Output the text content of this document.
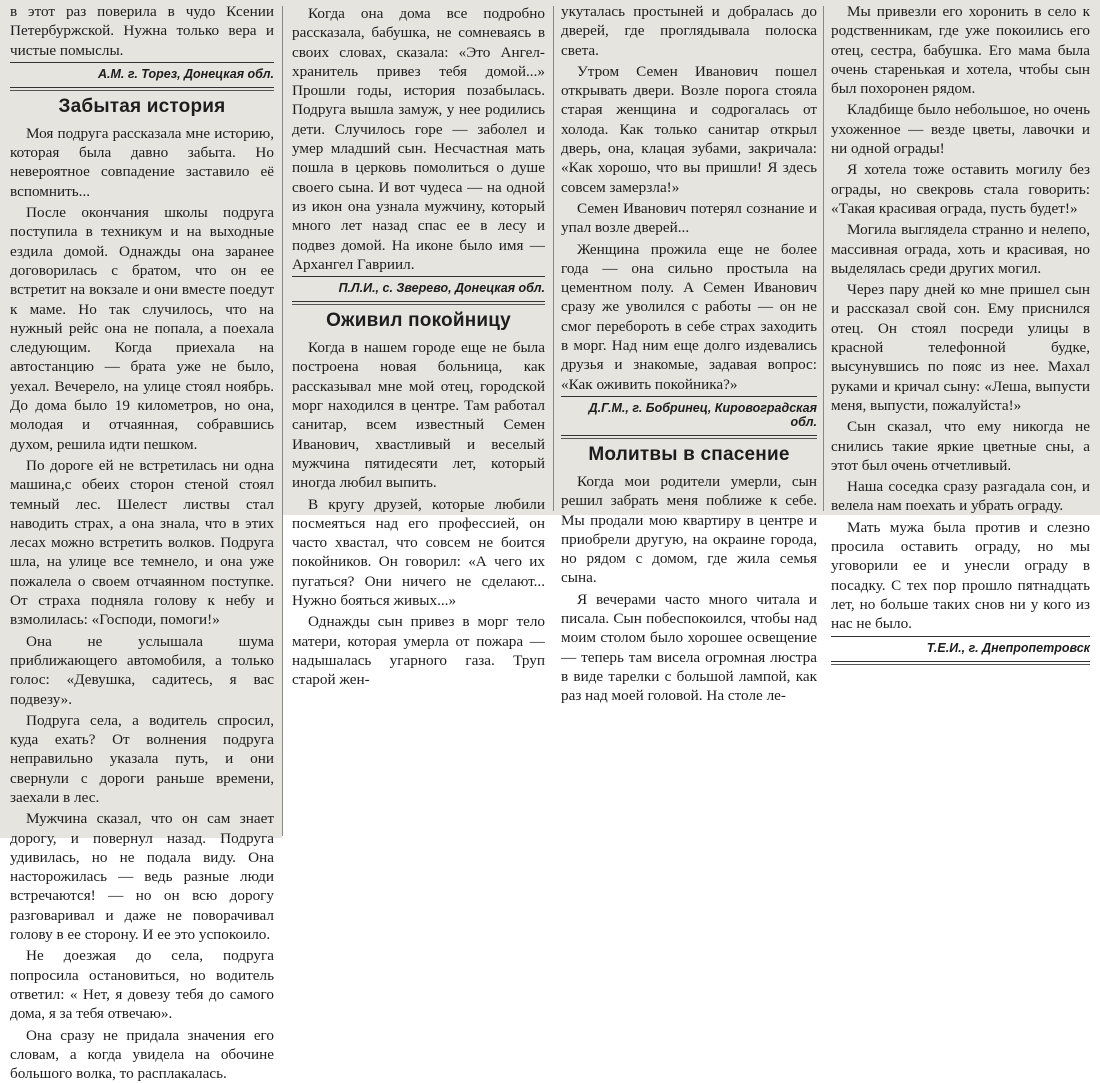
в этот раз поверила в чудо Ксении Петербуржской. Нужна только вера и чистые помыслы.

А.М. г. Торез, Донецкая обл.
Забытая история

Моя подруга рассказала мне историю, которая была давно забыта. Но невероятное совпадение заставило её вспомнить...

После окончания школы подруга поступила в техникум и на выходные ездила домой. Однажды она заранее договорилась с братом, что он ее встретит на вокзале и они вместе поедут к маме. Но так случилось, что на нужный рейс она не попала, а поехала следующим. Когда приехала на автостанцию — брата уже не было, уехал. Вечерело, на улице стоял ноябрь. До дома было 19 километров, но она, молодая и отчаянная, собравшись духом, решила идти пешком.

По дороге ей не встретилась ни одна машина,с обеих сторон стеной стоял темный лес. Шелест листвы стал наводить страх, а она знала, что в этих лесах можно встретить волков. Подруга шла, на улице все темнело, и она уже пожалела о своем отчаянном поступке. От страха подняла голову к небу и взмолилась: «Господи, помоги!»

Она не услышала шума приближающего автомобиля, а только голос: «Девушка, садитесь, я вас подвезу».

Подруга села, а водитель спросил, куда ехать? От волнения подруга неправильно указала путь, и они свернули с дороги раньше времени, заехали в лес.

Мужчина сказал, что он сам знает дорогу, и повернул назад. Подруга удивилась, но не подала виду. Она насторожилась — ведь разные люди встречаются! — но он всю дорогу разговаривал и даже не поворачивал голову в ее сторону. И ее это успокоило.

Не доезжая до села, подруга попросила остановиться, но водитель ответил: « Нет, я довезу тебя до самого дома, я за тебя отвечаю».

Она сразу не придала значения его словам, а когда увидела на обочине большого волка, то расплакалась.

Когда она дома все подробно рассказала, бабушка, не сомневаясь в своих словах, сказала: «Это Ангел-хранитель привез тебя домой...» Прошли годы, история позабылась. Подруга вышла замуж, у нее родились дети. Случилось горе — заболел и умер младший сын. Несчастная мать пошла в церковь помолиться о душе своего сына. И вот чудеса — на одной из икон она узнала мужчину, который много лет назад спас ее в лесу и подвез домой. На иконе было имя — Архангел Гавриил.

П.Л.И., с. Зверево, Донецкая обл.
Оживил покойницу

Когда в нашем городе еще не была построена новая больница, как рассказывал мне мой отец, городской морг находился в центре. Там работал санитар, всем известный Семен Иванович, хвастливый и веселый мужчина пятидесяти лет, который иногда любил выпить.

В кругу друзей, которые любили посмеяться над его профессией, он часто хвастал, что совсем не боится покойников. Он говорил: «А чего их пугаться? Они ничего не сделают... Нужно бояться живых...»

Однажды сын привез в морг тело матери, которая умерла от пожара — надышалась угарного газа. Труп старой жен-

укуталась простыней и добралась до дверей, где проглядывала полоска света.

Утром Семен Иванович пошел открывать двери. Возле порога стояла старая женщина и содрогалась от холода. Как только санитар открыл дверь, она, клацая зубами, закричала: «Как хорошо, что вы пришли! Я здесь совсем замерзла!»

Семен Иванович потерял сознание и упал возле дверей...

Женщина прожила еще не более года — она сильно простыла на цементном полу. А Семен Иванович сразу же уволился с работы — он не смог перебороть в себе страх заходить в морг. Над ним еще долго издевались друзья и знакомые, задавая вопрос: «Как оживить покойника?»

Д.Г.М., г. Бобринец, Кировоградская обл.
Молитвы в спасение

Когда мои родители умерли, сын решил забрать меня поближе к себе. Мы продали мою квартиру в центре и приобрели другую, на окраине города, но рядом с домом, где жила семья сына.

Я вечерами часто много читала и писала. Сын побеспокоился, чтобы над моим столом было хорошее освещение — теперь там висела огромная люстра в виде тарелки с большой лампой, как раз над моей головой. На столе ле-

Мы привезли его хоронить в село к родственникам, где уже покоились его отец, сестра, бабушка. Его мама была очень старенькая и хотела, чтобы сын был похоронен рядом.

Кладбище было небольшое, но очень ухоженное — везде цветы, лавочки и ни одной ограды!

Я хотела тоже оставить могилу без ограды, но свекровь стала говорить: «Такая красивая ограда, пусть будет!»

Могила выглядела странно и нелепо, массивная ограда, хоть и красивая, но выделялась среди других могил.

Через пару дней ко мне пришел сын и рассказал свой сон. Ему приснился отец. Он стоял посреди улицы в красной телефонной будке, высунувшись по пояс из нее. Махал руками и кричал сыну: «Леша, выпусти меня, выпусти, пожалуйста!»

Сын сказал, что ему никогда не снились такие яркие цветные сны, а этот был очень отчетливый.

Наша соседка сразу разгадала сон, и велела нам поехать и убрать ограду.

Мать мужа была против и слезно просила оставить ограду, но мы уговорили ее и унесли ограду в посадку. С тех пор прошло пятнадцать лет, но больше таких снов ни у кого из нас не было.

Т.Е.И., г. Днепропетровск
